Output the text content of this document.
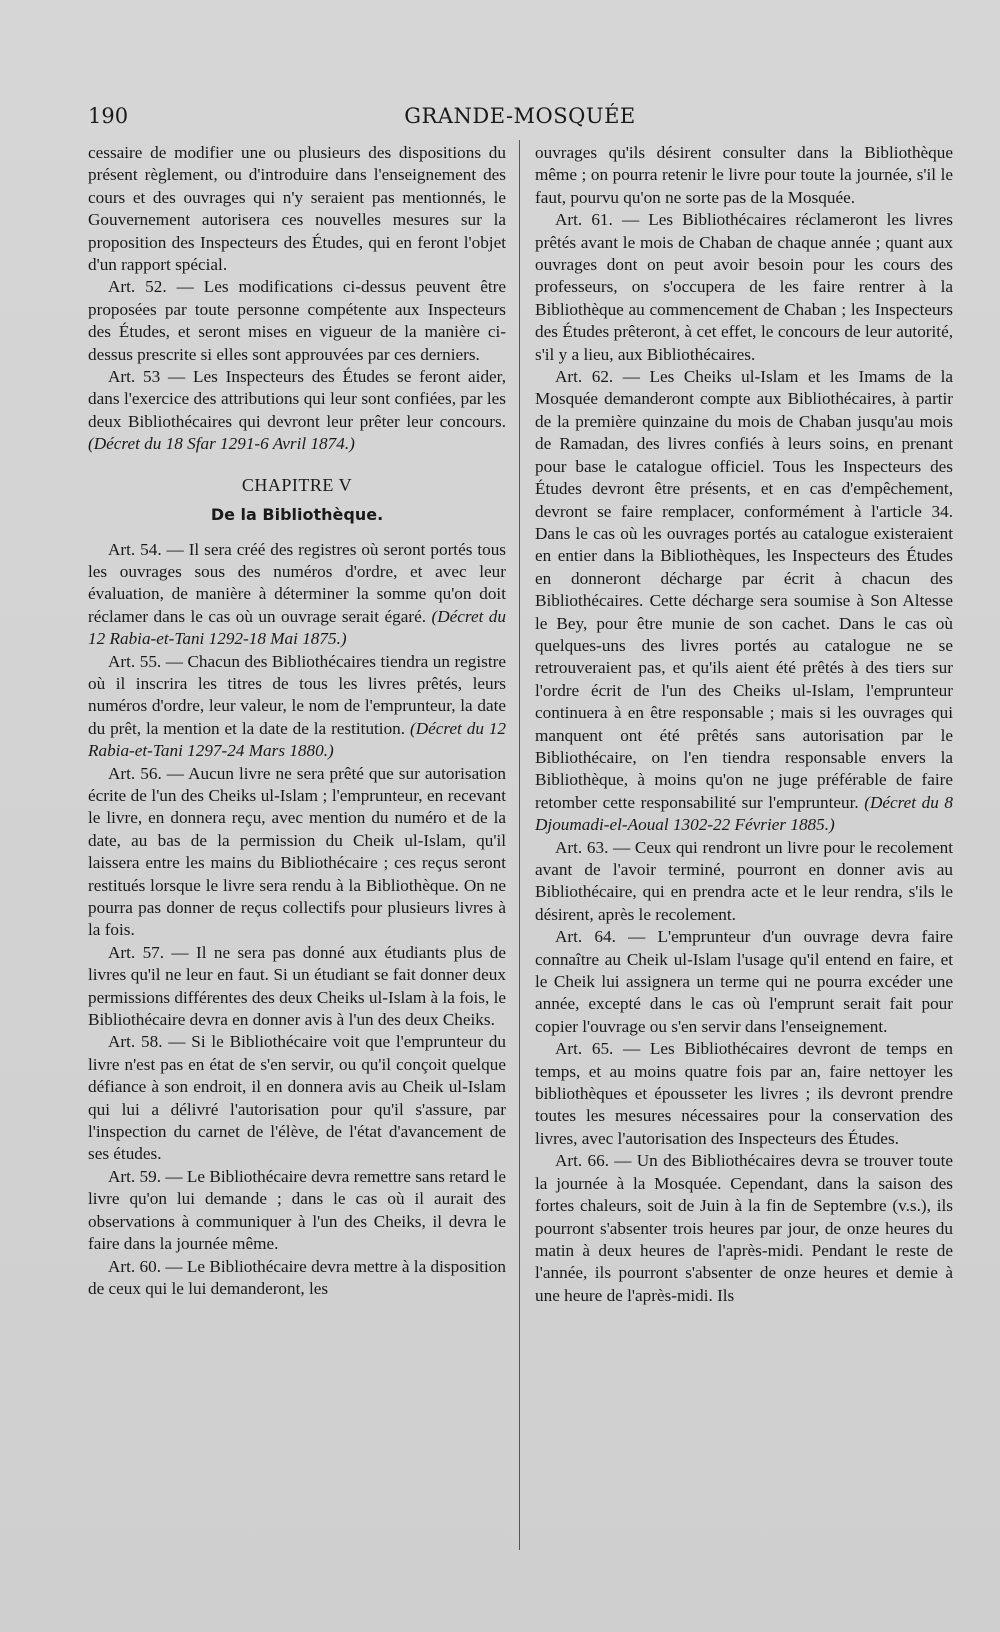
190	GRANDE-MOSQUÉE

cessaire de modifier une ou plusieurs des dispositions du présent règlement, ou d'introduire dans l'enseignement des cours et des ouvrages qui n'y seraient pas mentionnés, le Gouvernement autorisera ces nouvelles mesures sur la proposition des Inspecteurs des Études, qui en feront l'objet d'un rapport spécial.

Art. 52. — Les modifications ci-dessus peuvent être proposées par toute personne compétente aux Inspecteurs des Études, et seront mises en vigueur de la manière ci-dessus prescrite si elles sont approuvées par ces derniers.

Art. 53 — Les Inspecteurs des Études se feront aider, dans l'exercice des attributions qui leur sont confiées, par les deux Bibliothécaires qui devront leur prêter leur concours. (Décret du 18 Sfar 1291-6 Avril 1874.)

CHAPITRE V
De la Bibliothèque.

Art. 54. — Il sera créé des registres où seront portés tous les ouvrages sous des numéros d'ordre, et avec leur évaluation, de manière à déterminer la somme qu'on doit réclamer dans le cas où un ouvrage serait égaré. (Décret du 12 Rabia-et-Tani 1292-18 Mai 1875.)

Art. 55. — Chacun des Bibliothécaires tiendra un registre où il inscrira les titres de tous les livres prêtés, leurs numéros d'ordre, leur valeur, le nom de l'emprunteur, la date du prêt, la mention et la date de la restitution. (Décret du 12 Rabia-et-Tani 1297-24 Mars 1880.)

Art. 56. — Aucun livre ne sera prêté que sur autorisation écrite de l'un des Cheiks ul-Islam ; l'emprunteur, en recevant le livre, en donnera reçu, avec mention du numéro et de la date, au bas de la permission du Cheik ul-Islam, qu'il laissera entre les mains du Bibliothécaire ; ces reçus seront restitués lorsque le livre sera rendu à la Bibliothèque. On ne pourra pas donner de reçus collectifs pour plusieurs livres à la fois.

Art. 57. — Il ne sera pas donné aux étudiants plus de livres qu'il ne leur en faut. Si un étudiant se fait donner deux permissions différentes des deux Cheiks ul-Islam à la fois, le Bibliothécaire devra en donner avis à l'un des deux Cheiks.

Art. 58. — Si le Bibliothécaire voit que l'emprunteur du livre n'est pas en état de s'en servir, ou qu'il conçoit quelque défiance à son endroit, il en donnera avis au Cheik ul-Islam qui lui a délivré l'autorisation pour qu'il s'assure, par l'inspection du carnet de l'élève, de l'état d'avancement de ses études.

Art. 59. — Le Bibliothécaire devra remettre sans retard le livre qu'on lui demande ; dans le cas où il aurait des observations à communiquer à l'un des Cheiks, il devra le faire dans la journée même.

Art. 60. — Le Bibliothécaire devra mettre à la disposition de ceux qui le lui demanderont, les

ouvrages qu'ils désirent consulter dans la Bibliothèque même ; on pourra retenir le livre pour toute la journée, s'il le faut, pourvu qu'on ne sorte pas de la Mosquée.

Art. 61. — Les Bibliothécaires réclameront les livres prêtés avant le mois de Chaban de chaque année ; quant aux ouvrages dont on peut avoir besoin pour les cours des professeurs, on s'occupera de les faire rentrer à la Bibliothèque au commencement de Chaban ; les Inspecteurs des Études prêteront, à cet effet, le concours de leur autorité, s'il y a lieu, aux Bibliothécaires.

Art. 62. — Les Cheiks ul-Islam et les Imams de la Mosquée demanderont compte aux Bibliothécaires, à partir de la première quinzaine du mois de Chaban jusqu'au mois de Ramadan, des livres confiés à leurs soins, en prenant pour base le catalogue officiel. Tous les Inspecteurs des Études devront être présents, et en cas d'empêchement, devront se faire remplacer, conformément à l'article 34. Dans le cas où les ouvrages portés au catalogue existeraient en entier dans la Bibliothèques, les Inspecteurs des Études en donneront décharge par écrit à chacun des Bibliothécaires. Cette décharge sera soumise à Son Altesse le Bey, pour être munie de son cachet. Dans le cas où quelques-uns des livres portés au catalogue ne se retrouveraient pas, et qu'ils aient été prêtés à des tiers sur l'ordre écrit de l'un des Cheiks ul-Islam, l'emprunteur continuera à en être responsable ; mais si les ouvrages qui manquent ont été prêtés sans autorisation par le Bibliothécaire, on l'en tiendra responsable envers la Bibliothèque, à moins qu'on ne juge préférable de faire retomber cette responsabilité sur l'emprunteur. (Décret du 8 Djoumadi-el-Aoual 1302-22 Février 1885.)

Art. 63. — Ceux qui rendront un livre pour le recolement avant de l'avoir terminé, pourront en donner avis au Bibliothécaire, qui en prendra acte et le leur rendra, s'ils le désirent, après le recolement.

Art. 64. — L'emprunteur d'un ouvrage devra faire connaître au Cheik ul-Islam l'usage qu'il entend en faire, et le Cheik lui assignera un terme qui ne pourra excéder une année, excepté dans le cas où l'emprunt serait fait pour copier l'ouvrage ou s'en servir dans l'enseignement.

Art. 65. — Les Bibliothécaires devront de temps en temps, et au moins quatre fois par an, faire nettoyer les bibliothèques et épousseter les livres ; ils devront prendre toutes les mesures nécessaires pour la conservation des livres, avec l'autorisation des Inspecteurs des Études.

Art. 66. — Un des Bibliothécaires devra se trouver toute la journée à la Mosquée. Cependant, dans la saison des fortes chaleurs, soit de Juin à la fin de Septembre (v.s.), ils pourront s'absenter trois heures par jour, de onze heures du matin à deux heures de l'après-midi. Pendant le reste de l'année, ils pourront s'absenter de onze heures et demie à une heure de l'après-midi. Ils
